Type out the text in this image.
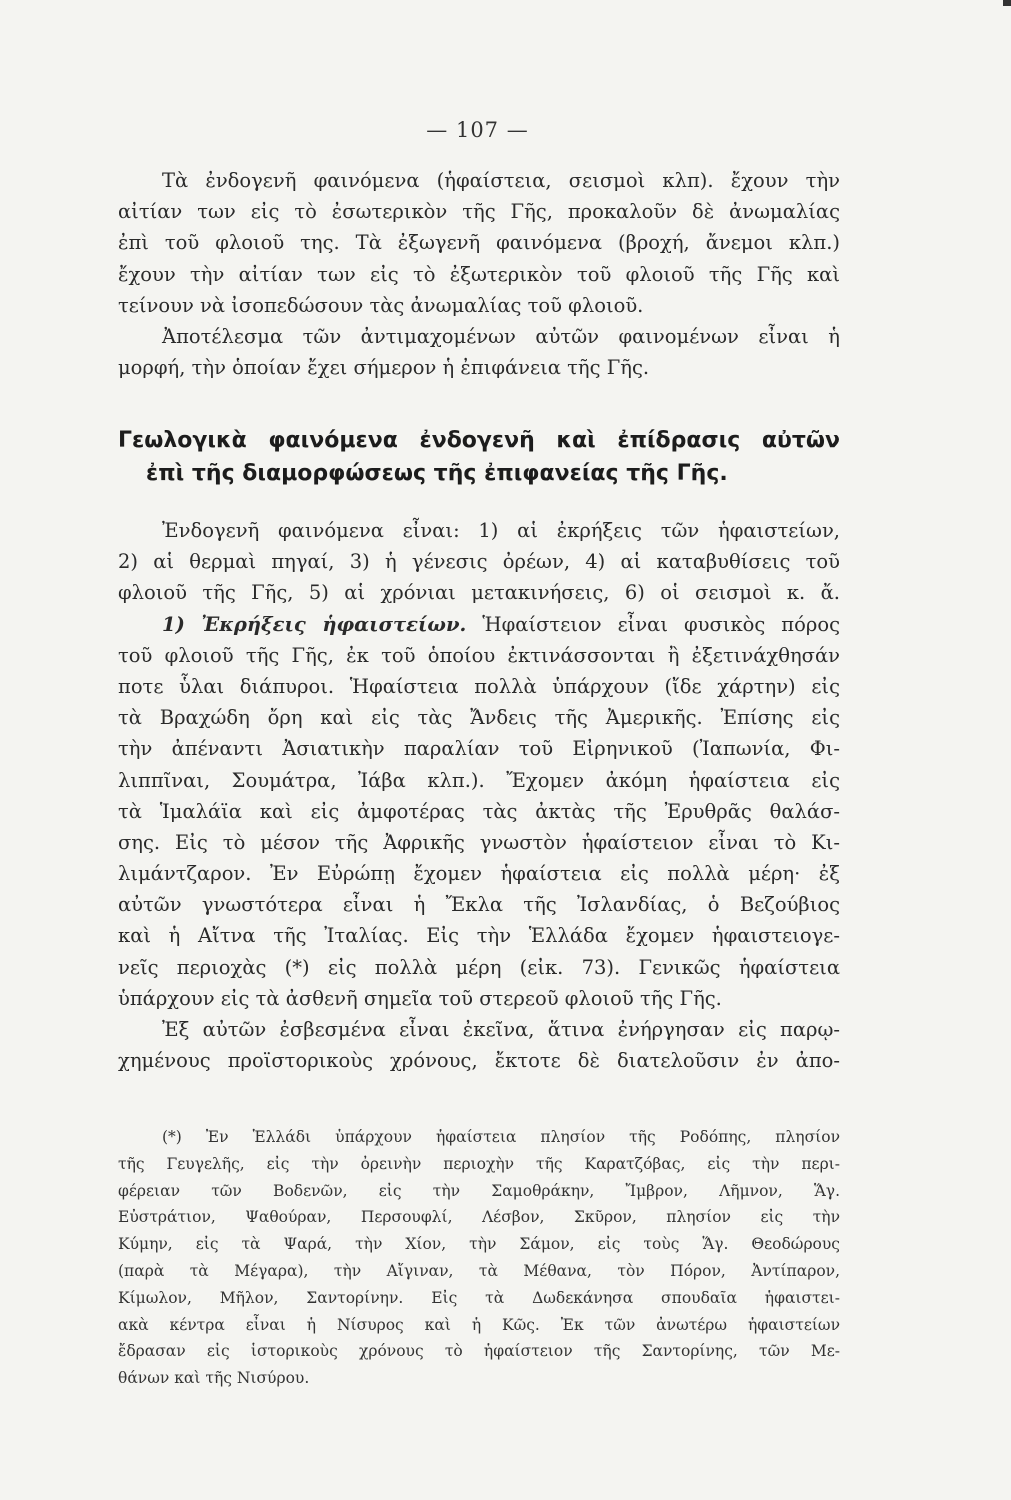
— 107 —
Τὰ ἐνδογενῆ φαινόμενα (ἡφαίστεια, σεισμοὶ κλπ). ἔχουν τὴν
αἰτίαν των εἰς τὸ ἐσωτερικὸν τῆς Γῆς, προκαλοῦν δὲ ἀνωμαλίας
ἐπὶ τοῦ φλοιοῦ της. Τὰ ἐξωγενῆ φαινόμενα (βροχή, ἄνεμοι κλπ.)
ἔχουν τὴν αἰτίαν των εἰς τὸ ἐξωτερικὸν τοῦ φλοιοῦ τῆς Γῆς καὶ
τείνουν νὰ ἰσοπεδώσουν τὰς ἀνωμαλίας τοῦ φλοιοῦ.
Ἀποτέλεσμα τῶν ἀντιμαχομένων αὐτῶν φαινομένων εἶναι ἡ
μορφή, τὴν ὁποίαν ἔχει σήμερον ἡ ἐπιφάνεια τῆς Γῆς.
Γεωλογικὰ φαινόμενα ἐνδογενῆ καὶ ἐπίδρασις αὐτῶν
ἐπὶ τῆς διαμορφώσεως τῆς ἐπιφανείας τῆς Γῆς.
Ἐνδογενῆ φαινόμενα εἶναι: 1) αἱ ἐκρήξεις τῶν ἡφαιστείων,
2) αἱ θερμαὶ πηγαί, 3) ἡ γένεσις ὀρέων, 4) αἱ καταβυθίσεις τοῦ
φλοιοῦ τῆς Γῆς, 5) αἱ χρόνιαι μετακινήσεις, 6) οἱ σεισμοὶ κ. ἄ.
1) Ἐκρήξεις ἡφαιστείων. Ἡφαίστειον εἶναι φυσικὸς πόρος
τοῦ φλοιοῦ τῆς Γῆς, ἐκ τοῦ ὁποίου ἐκτινάσσονται ἢ ἐξετινάχθησάν
ποτε ὗλαι διάπυροι. Ἡφαίστεια πολλὰ ὑπάρχουν (ἴδε χάρτην) εἰς
τὰ Βραχώδη ὄρη καὶ εἰς τὰς Ἄνδεις τῆς Ἀμερικῆς. Ἐπίσης εἰς
τὴν ἀπέναντι Ἀσιατικὴν παραλίαν τοῦ Εἰρηνικοῦ (Ἰαπωνία, Φι-
λιππῖναι, Σουμάτρα, Ἰάβα κλπ.). Ἔχομεν ἀκόμη ἡφαίστεια εἰς
τὰ Ἱμαλάϊα καὶ εἰς ἀμφοτέρας τὰς ἀκτὰς τῆς Ἐρυθρᾶς θαλάσ-
σης. Εἰς τὸ μέσον τῆς Ἀφρικῆς γνωστὸν ἡφαίστειον εἶναι τὸ Κι-
λιμάντζαρον. Ἐν Εὐρώπῃ ἔχομεν ἡφαίστεια εἰς πολλὰ μέρη· ἐξ
αὐτῶν γνωστότερα εἶναι ἡ Ἔκλα τῆς Ἰσλανδίας, ὁ Βεζούβιος
καὶ ἡ Αἴτνα τῆς Ἰταλίας. Εἰς τὴν Ἑλλάδα ἔχομεν ἡφαιστειογε-
νεῖς περιοχὰς (*) εἰς πολλὰ μέρη (εἰκ. 73). Γενικῶς ἡφαίστεια
ὑπάρχουν εἰς τὰ ἀσθενῆ σημεῖα τοῦ στερεοῦ φλοιοῦ τῆς Γῆς.
Ἐξ αὐτῶν ἐσβεσμένα εἶναι ἐκεῖνα, ἅτινα ἐνήργησαν εἰς παρῳ-
χημένους προϊστορικοὺς χρόνους, ἔκτοτε δὲ διατελοῦσιν ἐν ἀπο-
(*) Ἐν Ἑλλάδι ὑπάρχουν ἡφαίστεια πλησίον τῆς Ροδόπης, πλησίον
τῆς Γευγελῆς, εἰς τὴν ὀρεινὴν περιοχὴν τῆς Καρατζόβας, εἰς τὴν περι-
φέρειαν τῶν Βοδενῶν, εἰς τὴν Σαμοθράκην, Ἴμβρον, Λῆμνον, Ἅγ.
Εὐστράτιον, Ψαθούραν, Περσουφλί, Λέσβον, Σκῦρον, πλησίον εἰς τὴν
Κύμην, εἰς τὰ Ψαρά, τὴν Χίον, τὴν Σάμον, εἰς τοὺς Ἅγ. Θεοδώρους
(παρὰ τὰ Μέγαρα), τὴν Αἴγιναν, τὰ Μέθανα, τὸν Πόρον, Ἀντίπαρον,
Κίμωλον, Μῆλον, Σαντορίνην. Εἰς τὰ Δωδεκάνησα σπουδαῖα ἡφαιστει-
ακὰ κέντρα εἶναι ἡ Νίσυρος καὶ ἡ Κῶς. Ἐκ τῶν ἀνωτέρω ἡφαιστείων
ἔδρασαν εἰς ἱστορικοὺς χρόνους τὸ ἡφαίστειον τῆς Σαντορίνης, τῶν Με-
θάνων καὶ τῆς Νισύρου.
